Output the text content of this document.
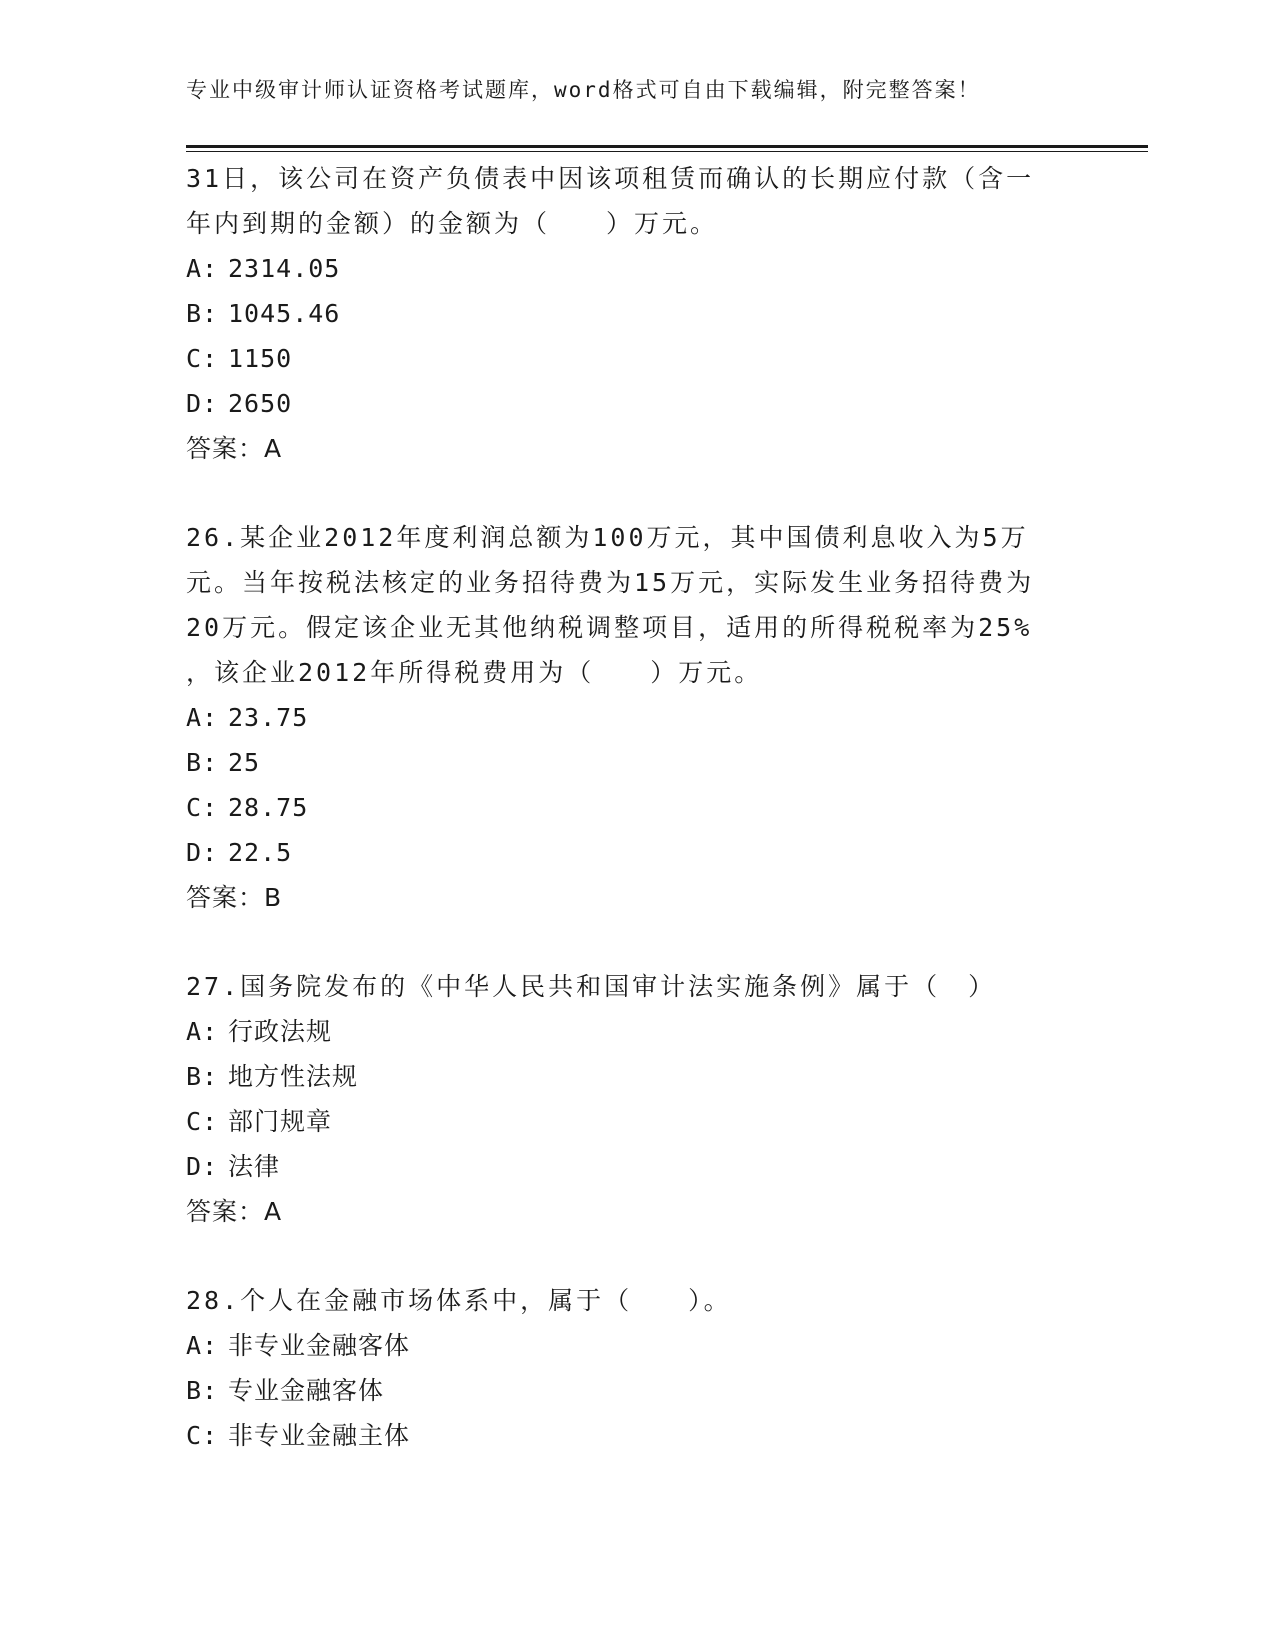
专业中级审计师认证资格考试题库，word格式可自由下载编辑，附完整答案！
31日，该公司在资产负债表中因该项租赁而确认的长期应付款（含一
年内到期的金额）的金额为（　　）万元。
A: 2314.05
B: 1045.46
C: 1150
D: 2650
答案：A
26.某企业2012年度利润总额为100万元，其中国债利息收入为5万
元。当年按税法核定的业务招待费为15万元，实际发生业务招待费为
20万元。假定该企业无其他纳税调整项目，适用的所得税税率为25%
，该企业2012年所得税费用为（　　）万元。
A: 23.75
B: 25
C: 28.75
D: 22.5
答案：B
27.国务院发布的《中华人民共和国审计法实施条例》属于（　）
A: 行政法规
B: 地方性法规
C: 部门规章
D: 法律
答案：A
28.个人在金融市场体系中，属于（　　）。
A: 非专业金融客体
B: 专业金融客体
C: 非专业金融主体
